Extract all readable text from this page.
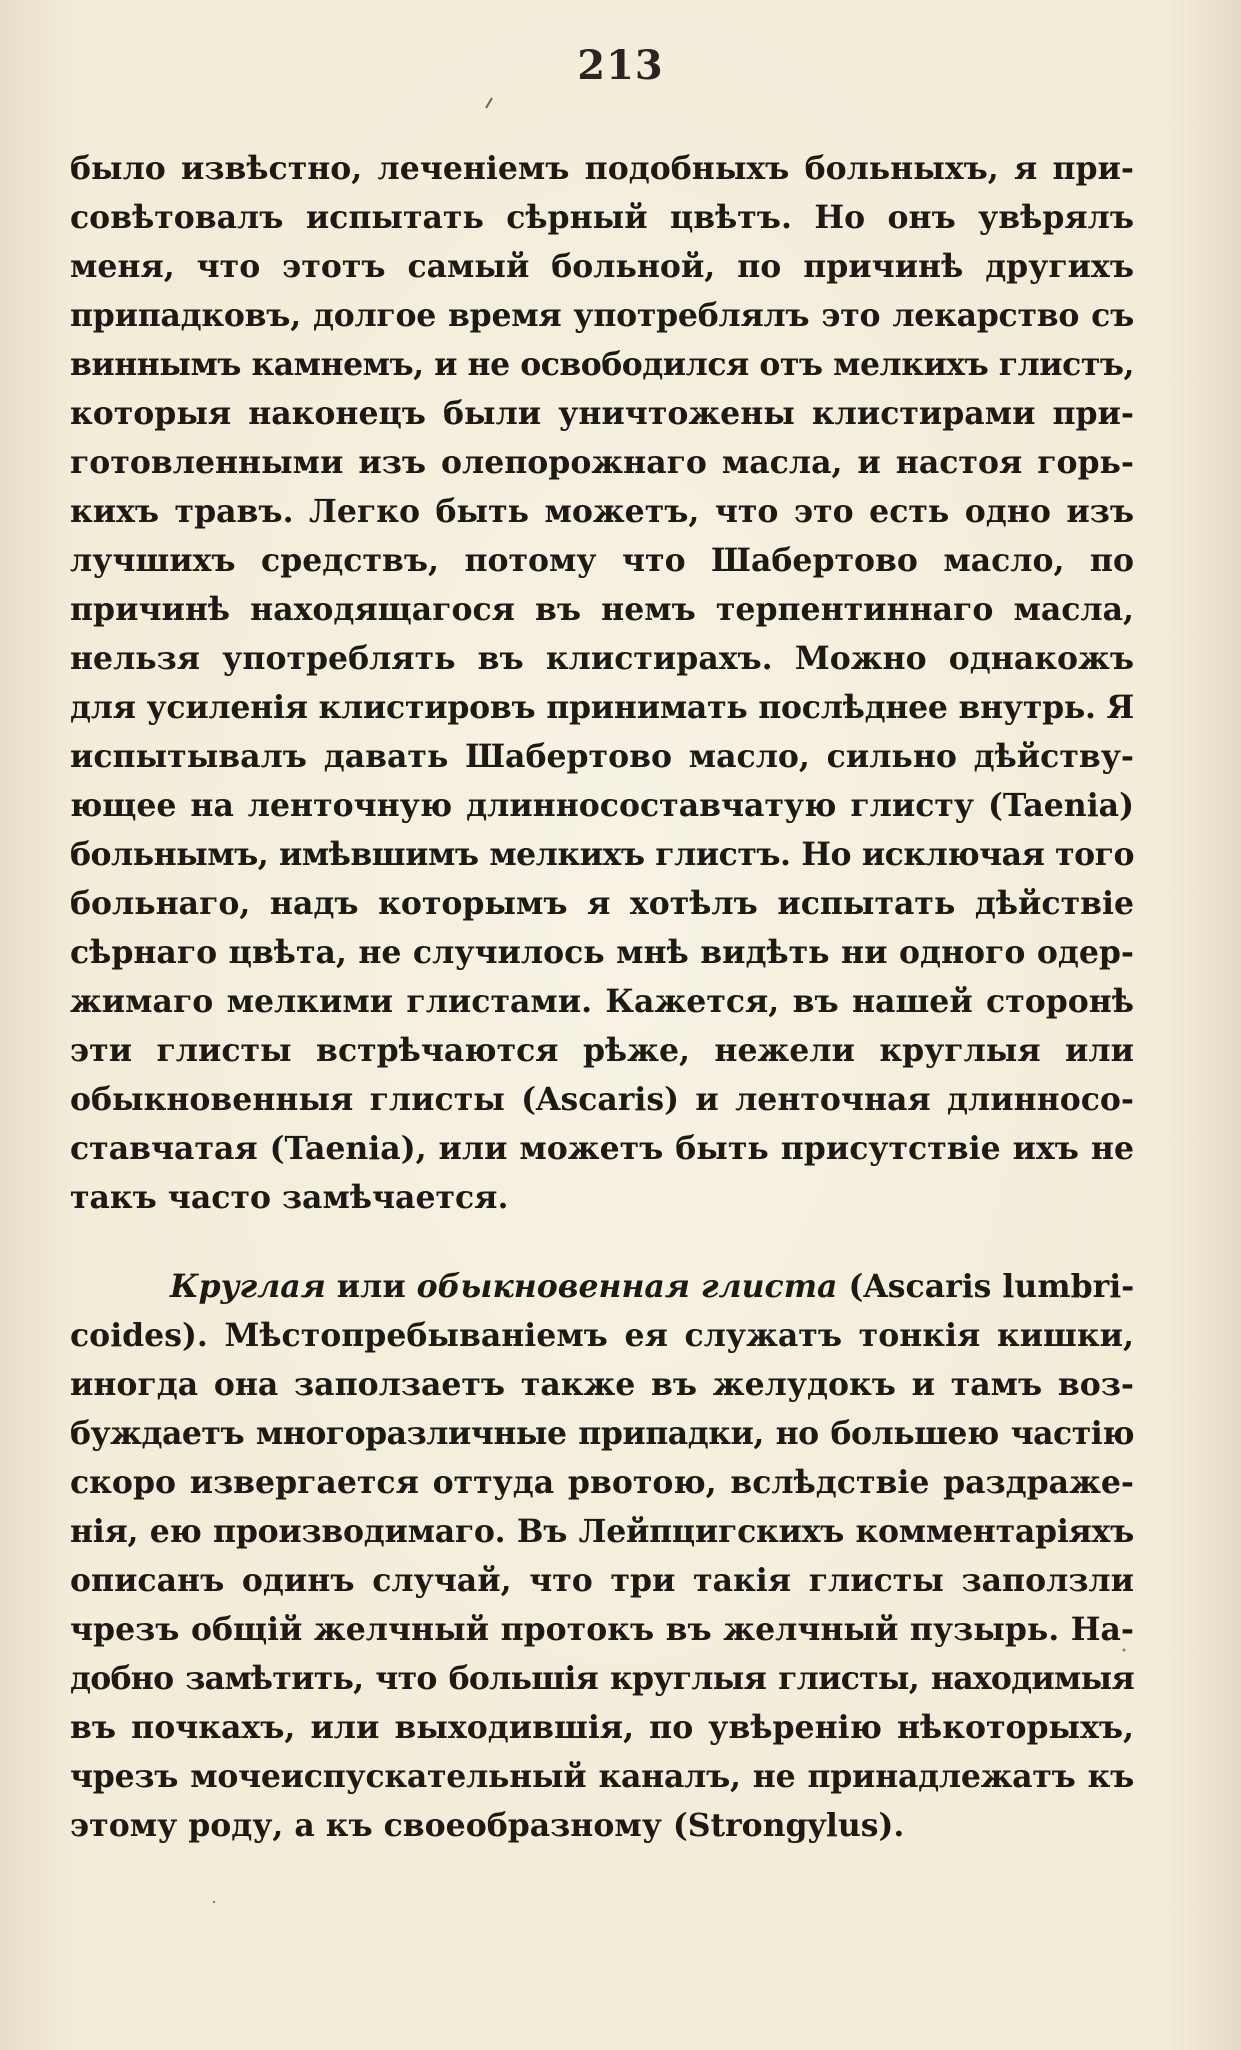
213
было извѣстно, леченіемъ подобныхъ больныхъ, я при-
совѣтовалъ испытать сѣрный цвѣтъ. Но онъ увѣрялъ
меня, что этотъ самый больной, по причинѣ другихъ
припадковъ, долгое время употреблялъ это лекарство съ
виннымъ камнемъ, и не освободился отъ мелкихъ глистъ,
которыя наконецъ были уничтожены клистирами при-
готовленными изъ олепорожнаго масла, и настоя горь-
кихъ травъ. Легко быть можетъ, что это есть одно изъ
лучшихъ средствъ, потому что Шабертово масло, по
причинѣ находящагося въ немъ терпентиннаго масла,
нельзя употреблять въ клистирахъ. Можно однакожъ
для усиленія клистировъ принимать послѣднее внутрь. Я
испытывалъ давать Шабертово масло, сильно дѣйству-
ющее на ленточную длинносоставчатую глисту (Taenia)
больнымъ, имѣвшимъ мелкихъ глистъ. Но исключая того
больнаго, надъ которымъ я хотѣлъ испытать дѣйствіе
сѣрнаго цвѣта, не случилось мнѣ видѣть ни одного одер-
жимаго мелкими глистами. Кажется, въ нашей сторонѣ
эти глисты встрѣчаются рѣже, нежели круглыя или
обыкновенныя глисты (Ascaris) и ленточная длинносо-
ставчатая (Taenia), или можетъ быть присутствіе ихъ не
такъ часто замѣчается.
Круглая или обыкновенная глиста (Ascaris lumbri-
coides). Мѣстопребываніемъ ея служатъ тонкія кишки,
иногда она заползаетъ также въ желудокъ и тамъ воз-
буждаетъ многоразличные припадки, но большею частію
скоро извергается оттуда рвотою, вслѣдствіе раздраже-
нія, ею производимаго. Въ Лейпцигскихъ комментаріяхъ
описанъ одинъ случай, что три такія глисты заползли
чрезъ общій желчный протокъ въ желчный пузырь. На-
добно замѣтить, что большія круглыя глисты, находимыя
въ почкахъ, или выходившія, по увѣренію нѣкоторыхъ,
чрезъ мочеиспускательный каналъ, не принадлежатъ къ
этому роду, а къ своеобразному (Strongylus).
